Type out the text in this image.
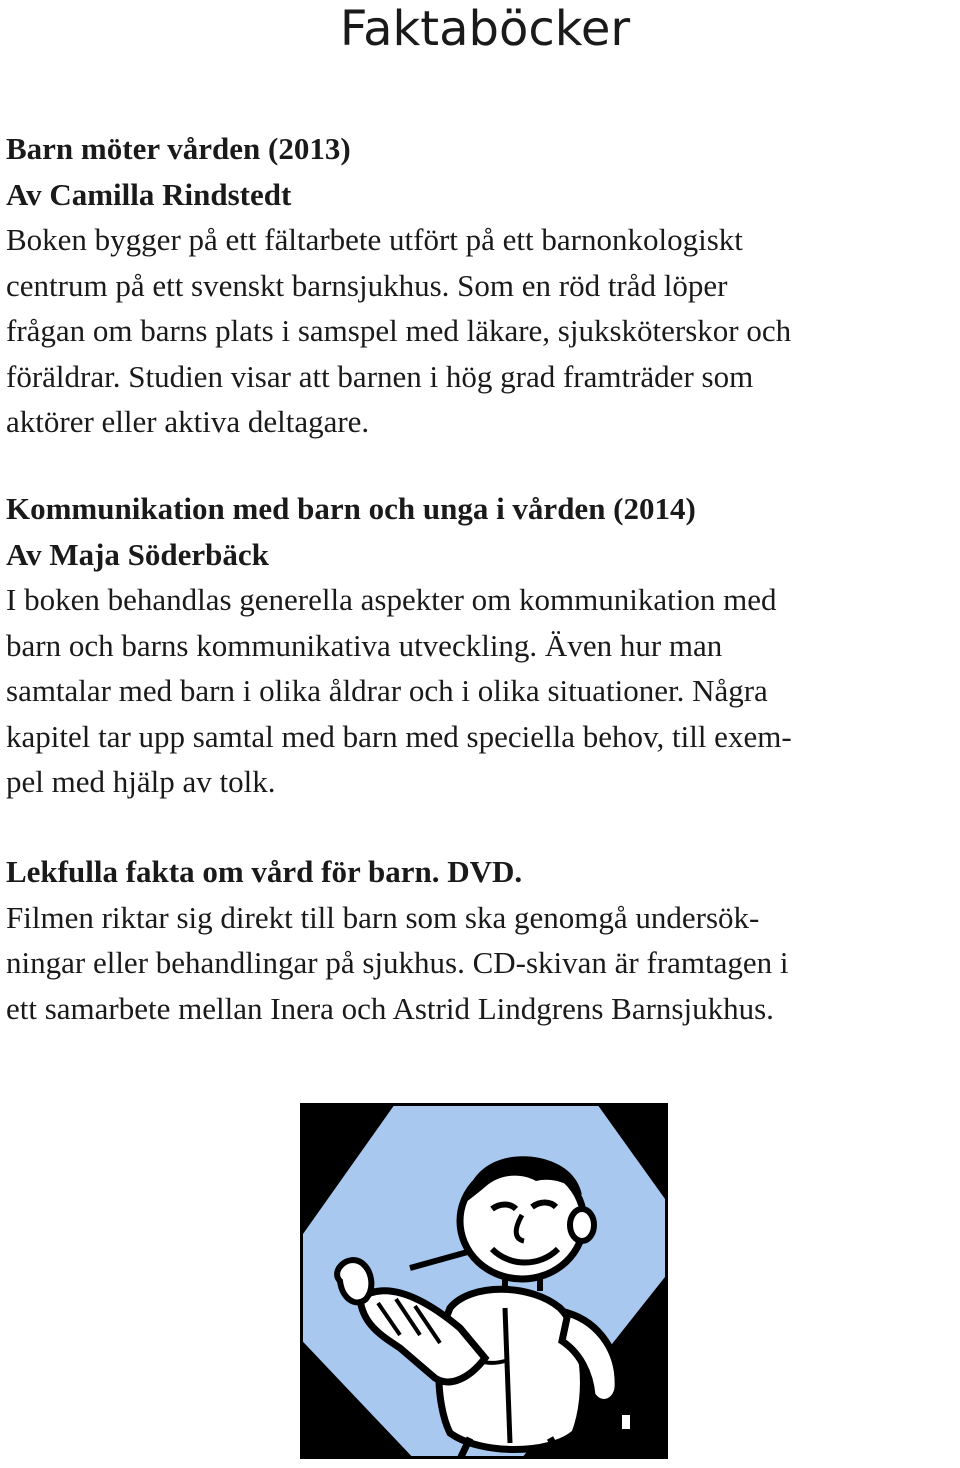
Faktaböcker
Barn möter vården (2013)
Av Camilla Rindstedt

Boken bygger på ett fältarbete utfört på ett barnonkologiskt
centrum på ett svenskt barnsjukhus. Som en röd tråd löper
frågan om barns plats i samspel med läkare, sjuksköterskor och
föräldrar. Studien visar att barnen i hög grad framträder som
aktörer eller aktiva deltagare.

Kommunikation med barn och unga i vården (2014)
Av Maja Söderbäck

I boken behandlas generella aspekter om kommunikation med
barn och barns kommunikativa utveckling. Även hur man
samtalar med barn i olika åldrar och i olika situationer. Några
kapitel tar upp samtal med barn med speciella behov, till exem-
pel med hjälp av tolk.

Lekfulla fakta om vård för barn. DVD.

Filmen riktar sig direkt till barn som ska genomgå undersök-
ningar eller behandlingar på sjukhus. CD-skivan är framtagen i
ett samarbete mellan Inera och Astrid Lindgrens Barnsjukhus.
